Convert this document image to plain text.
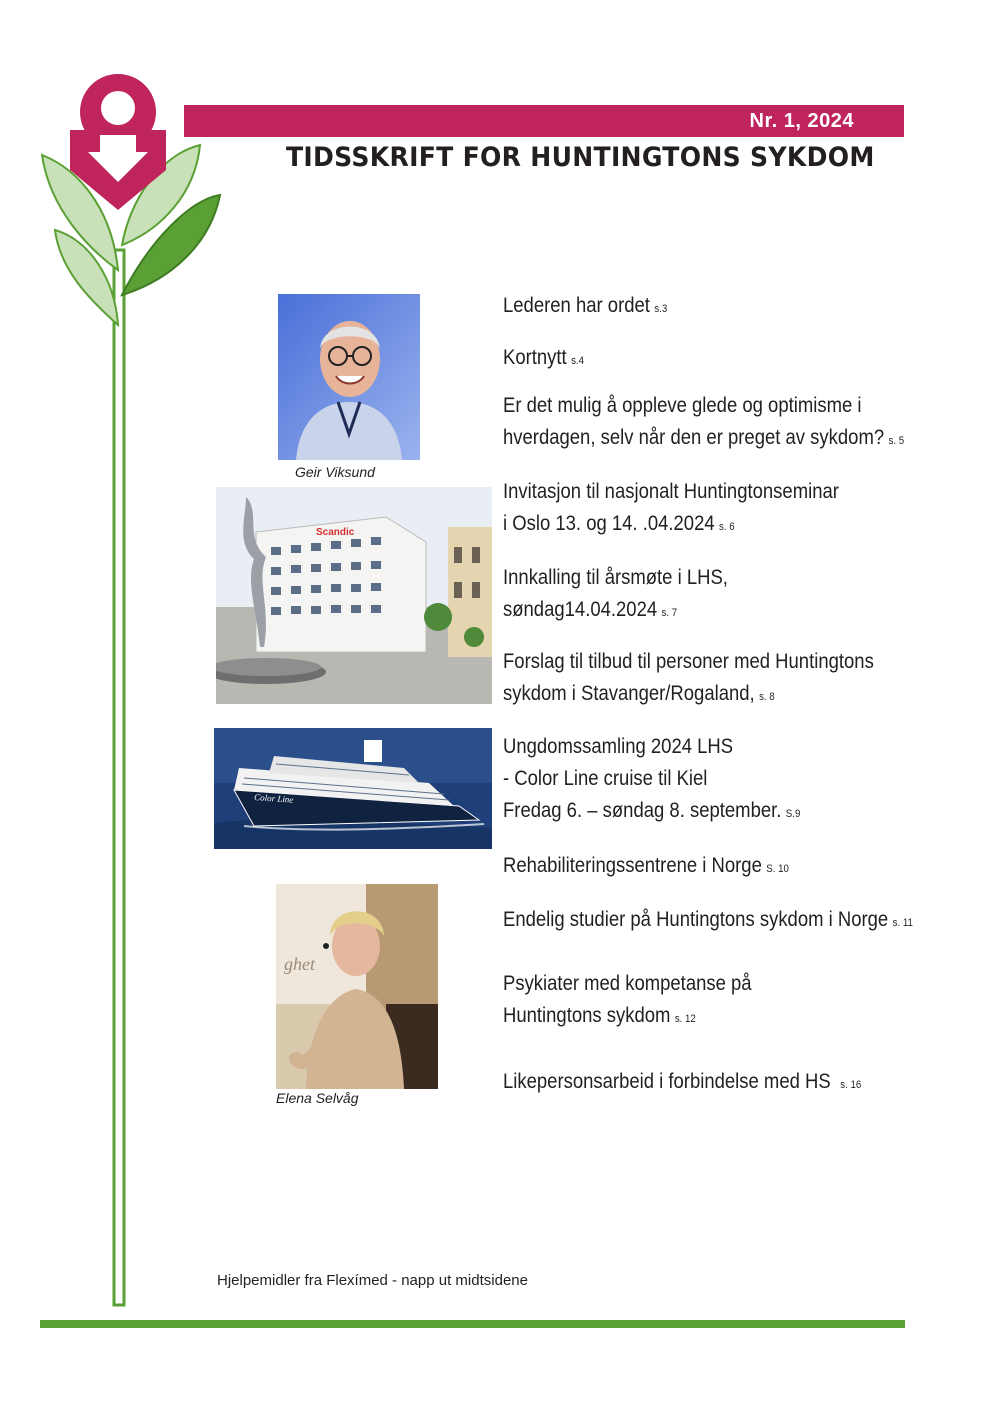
Nr. 1, 2024
TIDSSKRIFT FOR HUNTINGTONS SYKDOM
Geir Viksund
Scandic
Color Line
ghet
Elena Selvåg
Lederen har ordet s.3
Kortnytt s.4
Er det mulig å oppleve glede og optimisme i
hverdagen, selv når den er preget av sykdom? s. 5
Invitasjon til nasjonalt Huntingtonseminar
i Oslo 13. og 14. .04.2024 s. 6
Innkalling til årsmøte i LHS,
søndag14.04.2024 s. 7
Forslag til tilbud til personer med Huntingtons
sykdom i Stavanger/Rogaland, s. 8
Ungdomssamling 2024 LHS
- Color Line cruise til Kiel
Fredag 6. – søndag 8. september. S.9
Rehabiliteringssentrene i Norge S. 10
Endelig studier på Huntingtons sykdom i Norge s. 11
Psykiater med kompetanse på
Huntingtons sykdom s. 12
Likepersonsarbeid i forbindelse med HS s. 16
Hjelpemidler fra Flexímed - napp ut midtsidene
